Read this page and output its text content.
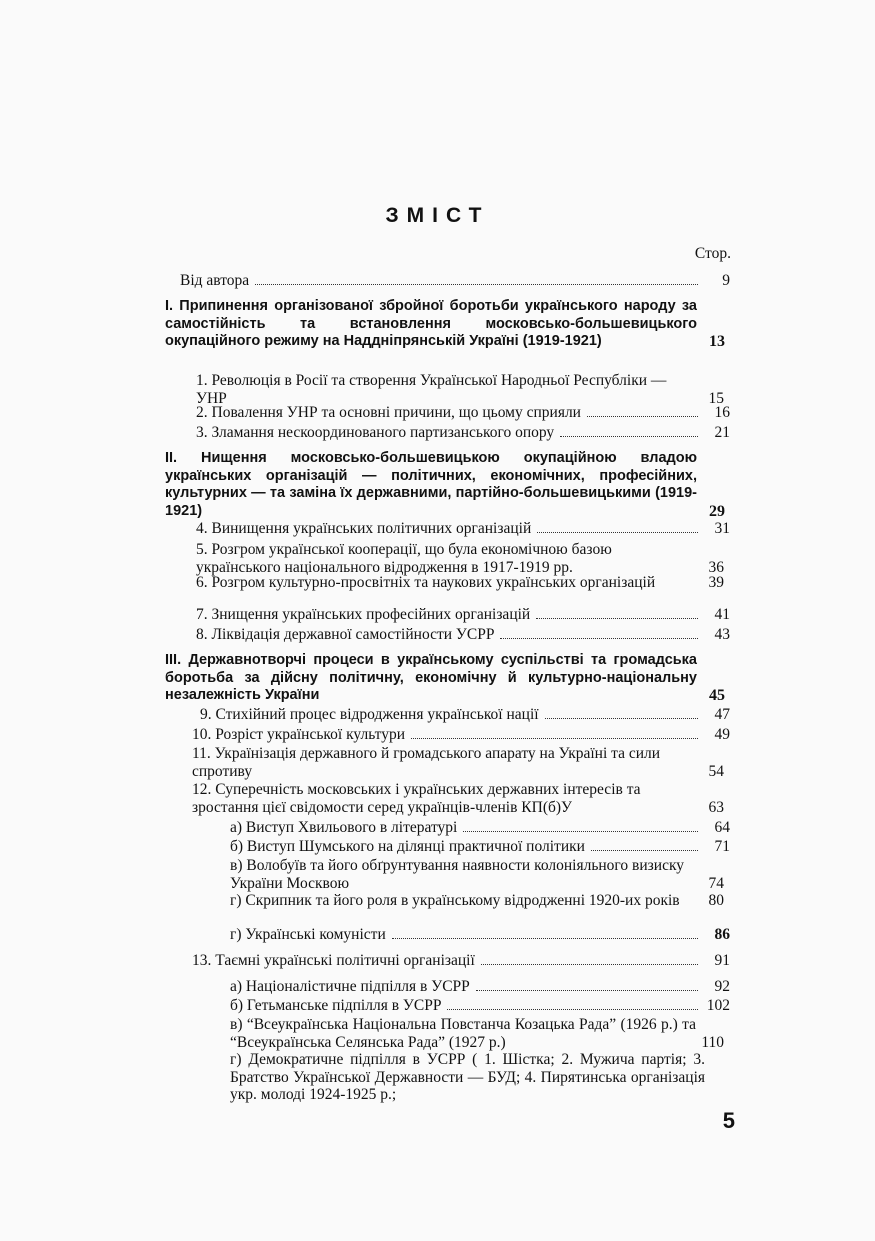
ЗМІСТ
Стор.
Від автора	9
І. Припинення організованої збройної боротьби українського народу за самостійність та встановлення московсько-большевицького окупаційного режиму на Наддніпрянській Україні (1919-1921)	13
1. Революція в Росії та створення Української Народньої Республіки — УНР	15
2. Повалення УНР та основні причини, що цьому сприяли	16
3. Зламання нескоординованого партизанського опору	21
II. Нищення московсько-большевицькою окупаційною владою українських організацій — політичних, економічних, професійних, культурних — та заміна їх державними, партійно-большевицькими (1919-1921)	29
4. Винищення українських політичних організацій	31
5. Розгром української кооперації, що була економічною базою українського національного відродження в 1917-1919 рр.	36
6. Розгром культурно-просвітніх та наукових українських організацій	39
7. Знищення українських професійних організацій	41
8. Ліквідація державної самостійности УСРР	43
III. Державнотворчі процеси в українському суспільстві та громадська боротьба за дійсну політичну, економічну й культурно-національну незалежність України	45
9. Стихійний процес відродження української нації	47
10. Розріст української культури	49
11. Українізація державного й громадського апарату на Україні та сили спротиву	54
12. Суперечність московських і українських державних інтересів та зростання цієї свідомости серед українців-членів КП(б)У	63
а) Виступ Хвильового в літературі	64
б) Виступ Шумського на ділянці практичної політики	71
в) Волобуїв та його обґрунтування наявности колоніяльного визиску України Москвою	74
г) Скрипник та його роля в українському відродженні 1920-их років	80
г) Українські комуністи	86
13. Таємні українські політичні організації	91
а) Націоналістичне підпілля в УСРР	92
б) Гетьманське підпілля в УСРР	102
в) “Всеукраїнська Національна Повстанча Козацька Рада” (1926 р.) та “Всеукраїнська Селянська Рада” (1927 р.)	110
г) Демократичне підпілля в УСРР ( 1. Шістка; 2. Мужича партія; 3. Братство Української Державности — БУД; 4. Пирятинська організація укр. молоді 1924-1925 р.;
5
